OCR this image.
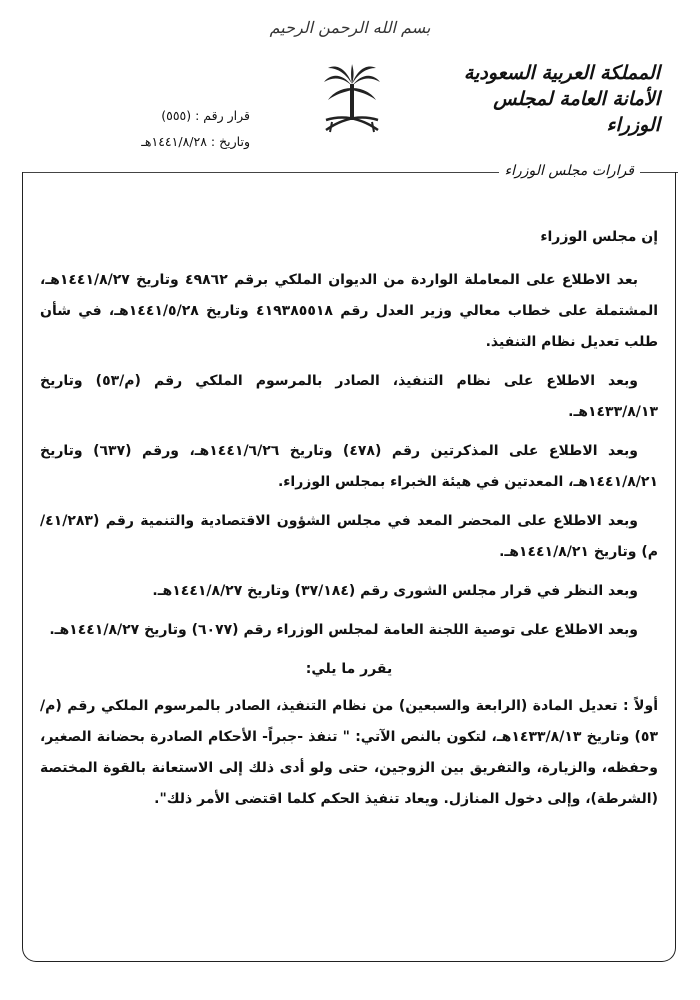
بسم الله الرحمن الرحيم
المملكة العربية السعودية
الأمانة العامة لمجلس الوزراء
قرار رقم : (٥٥٥)
وتاريخ : ١٤٤١/٨/٢٨هـ
قرارات مجلس الوزراء

إن مجلس الوزراء

بعد الاطلاع على المعاملة الواردة من الديوان الملكي برقم ٤٩٨٦٢ وتاريخ ١٤٤١/٨/٢٧هـ، المشتملة على خطاب معالي وزير العدل رقم ٤١٩٣٨٥٥١٨ وتاريخ ١٤٤١/٥/٢٨هـ، في شأن طلب تعديل نظام التنفيذ.

وبعد الاطلاع على نظام التنفيذ، الصادر بالمرسوم الملكي رقم (م/٥٣) وتاريخ ١٤٣٣/٨/١٣هـ.

وبعد الاطلاع على المذكرتين رقم (٤٧٨) وتاريخ ١٤٤١/٦/٢٦هـ، ورقم (٦٣٧) وتاريخ ١٤٤١/٨/٢١هـ، المعدتين في هيئة الخبراء بمجلس الوزراء.

وبعد الاطلاع على المحضر المعد في مجلس الشؤون الاقتصادية والتنمية رقم (٤١/٢٨٣/م) وتاريخ ١٤٤١/٨/٢١هـ.

وبعد النظر في قرار مجلس الشورى رقم (٣٧/١٨٤) وتاريخ ١٤٤١/٨/٢٧هـ.

وبعد الاطلاع على توصية اللجنة العامة لمجلس الوزراء رقم (٦٠٧٧) وتاريخ ١٤٤١/٨/٢٧هـ.

يقرر ما يلي:

أولاً : تعديل المادة (الرابعة والسبعين) من نظام التنفيذ، الصادر بالمرسوم الملكي رقم (م/٥٣) وتاريخ ١٤٣٣/٨/١٣هـ، لتكون بالنص الآتي: " تنفذ -جبراً- الأحكام الصادرة بحضانة الصغير، وحفظه، والزيارة، والتفريق بين الزوجين، حتى ولو أدى ذلك إلى الاستعانة بالقوة المختصة (الشرطة)، وإلى دخول المنازل. ويعاد تنفيذ الحكم كلما اقتضى الأمر ذلك".
